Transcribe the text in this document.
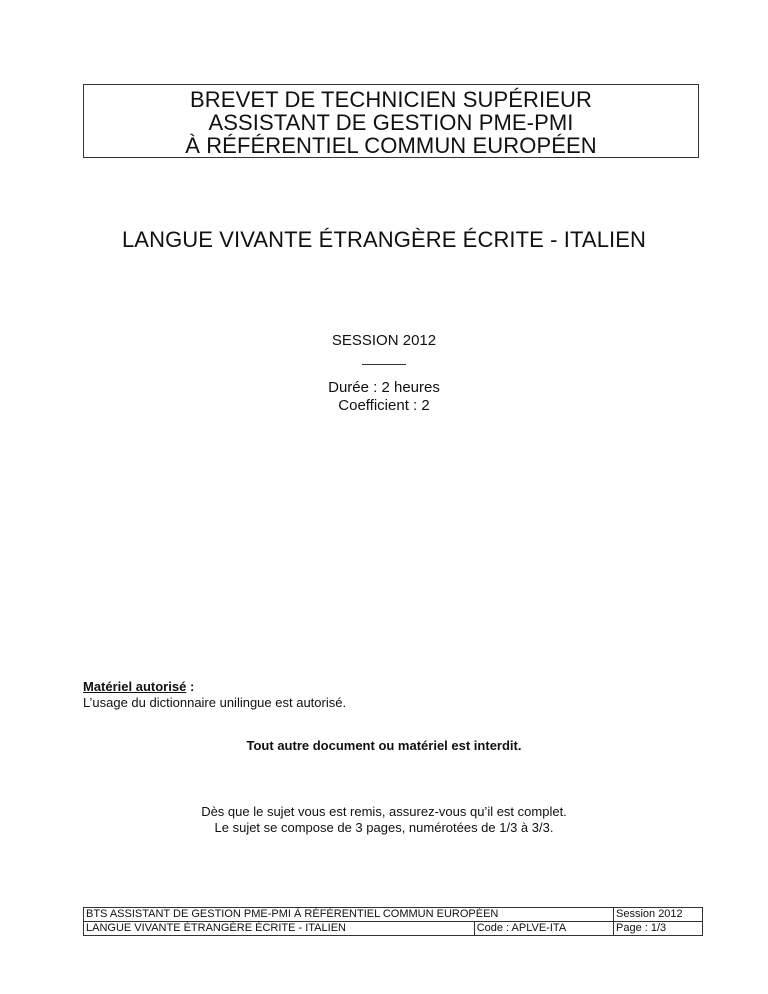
BREVET DE TECHNICIEN SUPÉRIEUR
ASSISTANT DE GESTION PME-PMI
À RÉFÉRENTIEL COMMUN EUROPÉEN
LANGUE VIVANTE ÉTRANGÈRE ÉCRITE - ITALIEN
SESSION 2012
Durée : 2 heures
Coefficient : 2
Matériel autorisé :
L’usage du dictionnaire unilingue est autorisé.
Tout autre document ou matériel est interdit.
Dès que le sujet vous est remis, assurez-vous qu’il est complet.
Le sujet se compose de 3 pages, numérotées de 1/3 à 3/3.
BTS ASSISTANT DE GESTION PME-PMI À RÉFÉRENTIEL COMMUN EUROPÉEN		Session 2012
LANGUE VIVANTE ÉTRANGÈRE ÉCRITE - ITALIEN	Code : APLVE-ITA	Page : 1/3
